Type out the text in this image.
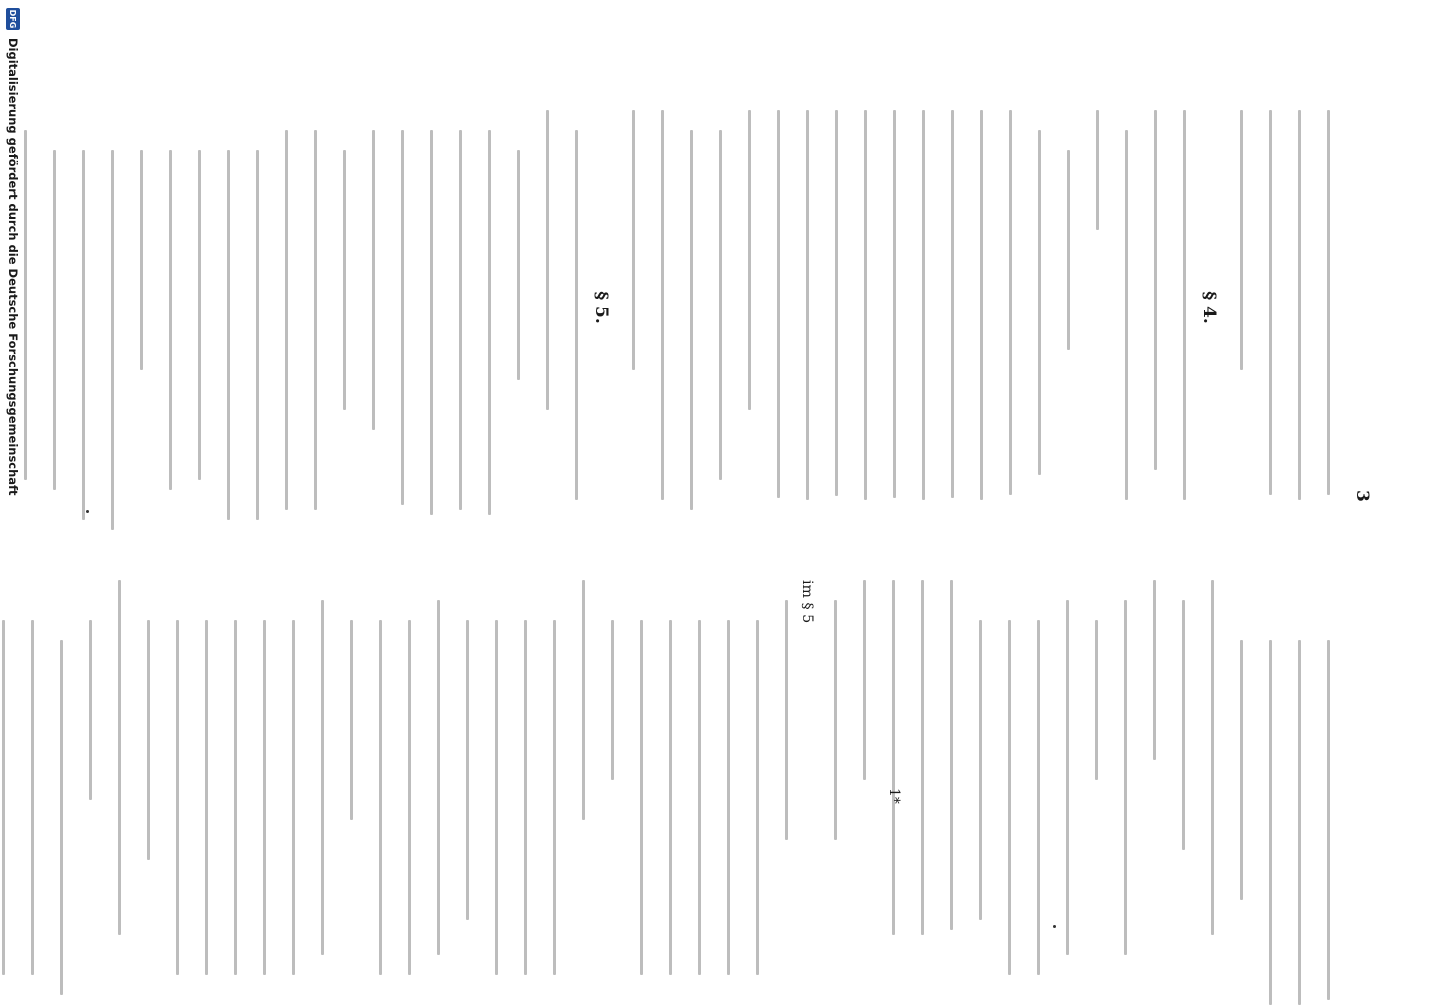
3
§ 4.
§ 5.
im § 5
1*
DFG
Digitalisierung gefördert durch die Deutsche Forschungsgemeinschaft
